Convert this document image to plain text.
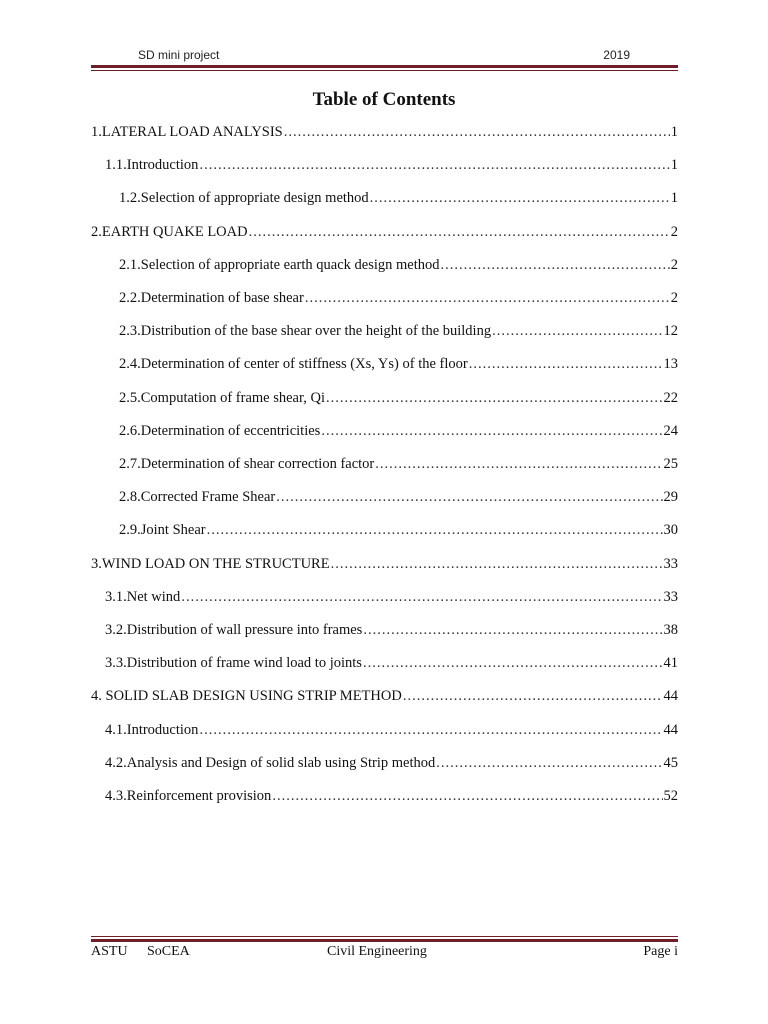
SD mini project	2019
Table of Contents
1. LATERAL LOAD ANALYSIS .....	1
1.1. Introduction .....	1
1.2. Selection of appropriate design method .....	1
2. EARTH QUAKE LOAD .....	2
2.1. Selection of appropriate earth quack design method .....	2
2.2. Determination of base shear .....	2
2.3. Distribution of the base shear over the height of the building .....	12
2.4. Determination of center of stiffness (Xs, Ys) of the floor .....	13
2.5. Computation of frame shear, Qi .....	22
2.6. Determination of eccentricities .....	24
2.7. Determination of shear correction factor .....	25
2.8. Corrected Frame Shear .....	29
2.9. Joint Shear .....	30
3. WIND LOAD ON THE STRUCTURE .....	33
3.1. Net wind .....	33
3.2. Distribution of wall pressure into frames .....	38
3.3. Distribution of frame wind load to joints .....	41
4. SOLID SLAB DESIGN USING STRIP METHOD .....	44
4.1. Introduction .....	44
4.2. Analysis and Design of solid slab using Strip method .....	45
4.3. Reinforcement provision .....	52
ASTU SoCEA	Civil Engineering	Page i
